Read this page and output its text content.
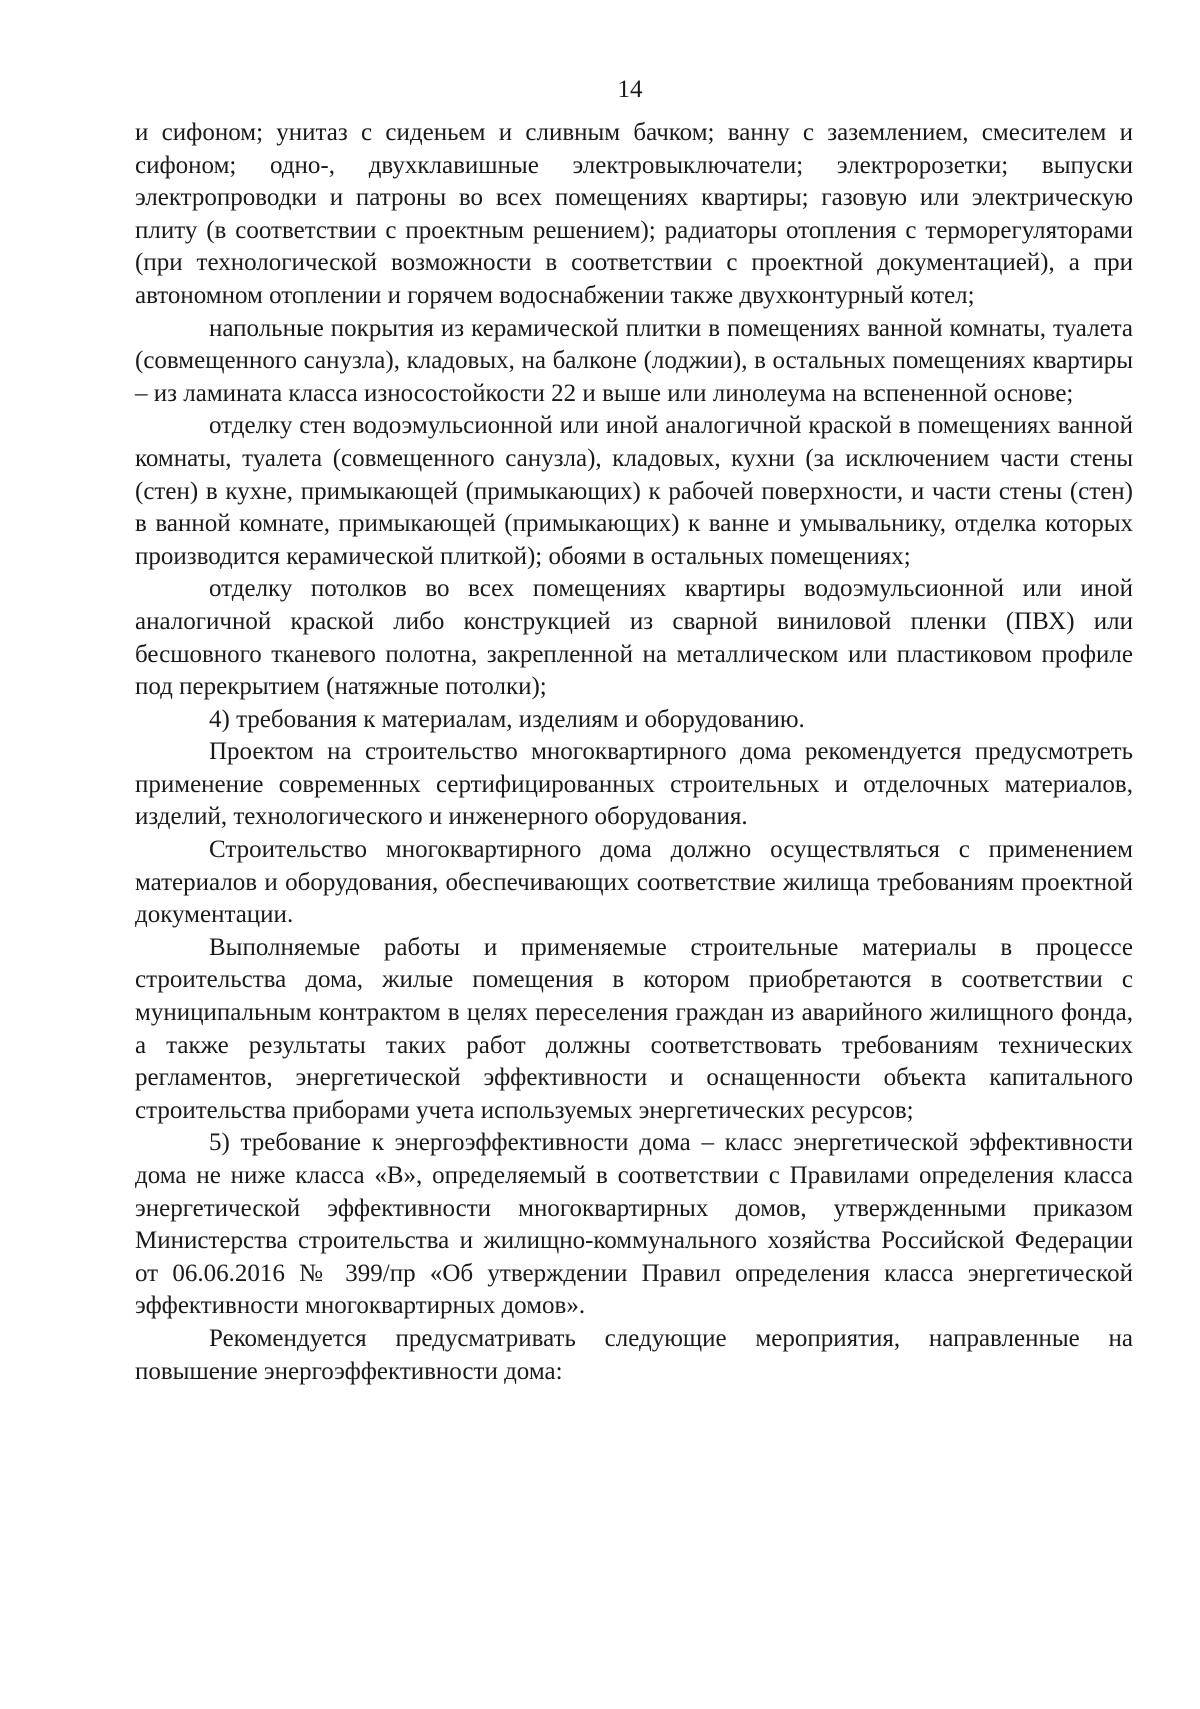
14

и сифоном; унитаз с сиденьем и сливным бачком; ванну с заземлением, смесителем и сифоном; одно-, двухклавишные электровыключатели; электророзетки; выпуски электропроводки и патроны во всех помещениях квартиры; газовую или электрическую плиту (в соответствии с проектным решением); радиаторы отопления с терморегуляторами (при технологической возможности в соответствии с проектной документацией), а при автономном отоплении и горячем водоснабжении также двухконтурный котел;

напольные покрытия из керамической плитки в помещениях ванной комнаты, туалета (совмещенного санузла), кладовых, на балконе (лоджии), в остальных помещениях квартиры – из ламината класса износостойкости 22 и выше или линолеума на вспененной основе;

отделку стен водоэмульсионной или иной аналогичной краской в помещениях ванной комнаты, туалета (совмещенного санузла), кладовых, кухни (за исключением части стены (стен) в кухне, примыкающей (примыкающих) к рабочей поверхности, и части стены (стен) в ванной комнате, примыкающей (примыкающих) к ванне и умывальнику, отделка которых производится керамической плиткой); обоями в остальных помещениях;

отделку потолков во всех помещениях квартиры водоэмульсионной или иной аналогичной краской либо конструкцией из сварной виниловой пленки (ПВХ) или бесшовного тканевого полотна, закрепленной на металлическом или пластиковом профиле под перекрытием (натяжные потолки);

4) требования к материалам, изделиям и оборудованию.

Проектом на строительство многоквартирного дома рекомендуется предусмотреть применение современных сертифицированных строительных и отделочных материалов, изделий, технологического и инженерного оборудования.

Строительство многоквартирного дома должно осуществляться с применением материалов и оборудования, обеспечивающих соответствие жилища требованиям проектной документации.

Выполняемые работы и применяемые строительные материалы в процессе строительства дома, жилые помещения в котором приобретаются в соответствии с муниципальным контрактом в целях переселения граждан из аварийного жилищного фонда, а также результаты таких работ должны соответствовать требованиям технических регламентов, энергетической эффективности и оснащенности объекта капитального строительства приборами учета используемых энергетических ресурсов;

5) требование к энергоэффективности дома – класс энергетической эффективности дома не ниже класса «В», определяемый в соответствии с Правилами определения класса энергетической эффективности многоквартирных домов, утвержденными приказом Министерства строительства и жилищно-коммунального хозяйства Российской Федерации от 06.06.2016 № 399/пр «Об утверждении Правил определения класса энергетической эффективности многоквартирных домов».

Рекомендуется предусматривать следующие мероприятия, направленные на повышение энергоэффективности дома:
